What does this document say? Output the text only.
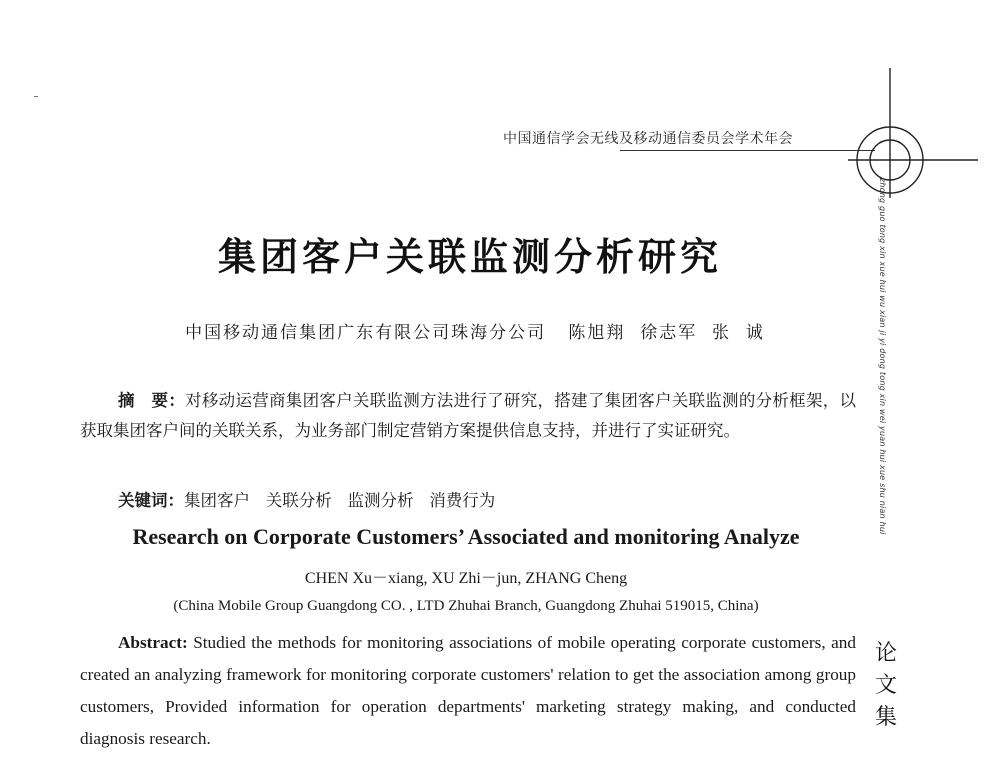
中国通信学会无线及移动通信委员会学术年会
zhong guo tong xin xue hui wu xian ji yi dong tong xin wei yuan hui xue shu nian hui
论
文
集
集团客户关联监测分析研究
中国移动通信集团广东有限公司珠海分公司   陈旭翔  徐志军  张  诚

摘　要：对移动运营商集团客户关联监测方法进行了研究，搭建了集团客户关联监测的分析框架，以获取集团客户间的关联关系，为业务部门制定营销方案提供信息支持，并进行了实证研究。

关键词：集团客户   关联分析   监测分析   消费行为
Research on Corporate Customers’ Associated and monitoring Analyze
CHEN Xu－xiang, XU Zhi－jun, ZHANG Cheng
(China Mobile Group Guangdong CO. , LTD Zhuhai Branch, Guangdong Zhuhai 519015, China)

Abstract: Studied the methods for monitoring associations of mobile operating corporate customers, and created an analyzing framework for monitoring corporate customers' relation to get the association among group customers, Provided information for operation departments' marketing strategy making, and conducted diagnosis research.
